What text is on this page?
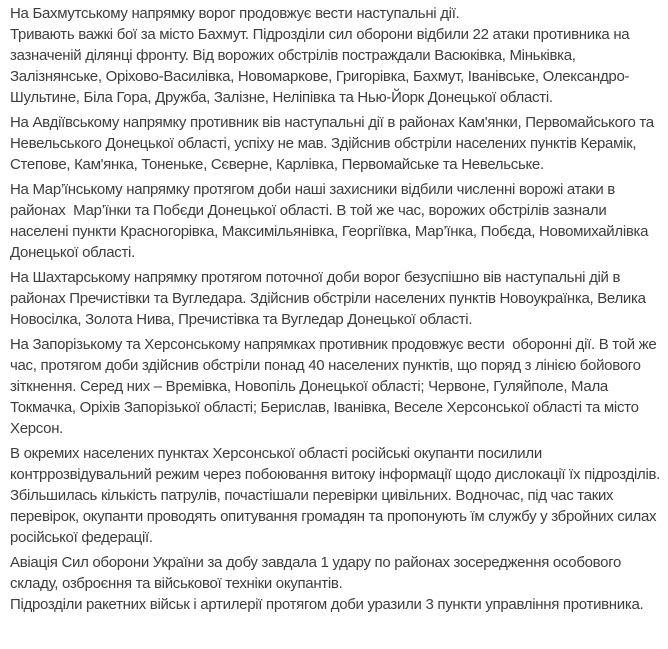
На Бахмутському напрямку ворог продовжує вести наступальні дії.

Тривають важкі бої за місто Бахмут. Підрозділи сил оборони відбили 22 атаки противника на зазначеній ділянці фронту. Від ворожих обстрілів постраждали Васюківка, Міньківка, Залізнянське, Оріхово-Василівка, Новомаркове, Григорівка, Бахмут, Іванівське, Олександро-Шультине, Біла Гора, Дружба, Залізне, Неліпівка та Нью-Йорк Донецької області.

На Авдіївському напрямку противник вів наступальні дії в районах Кам'янки, Первомайського та Невельського Донецької області, успіху не мав. Здійснив обстріли населених пунктів Керамік, Степове, Кам'янка, Тоненьке, Сєверне, Карлівка, Первомайське та Невельське.

На Мар’їнському напрямку протягом доби наші захисники відбили численні ворожі атаки в районах  Мар’їнки та Побєди Донецької області. В той же час, ворожих обстрілів зазнали населені пункти Красногорівка, Максимільянівка, Георгіївка, Мар’їнка, Побєда, Новомихайлівка Донецької області.

На Шахтарському напрямку протягом поточної доби ворог безуспішно вів наступальні дій в районах Пречистівки та Вугледара. Здійснив обстріли населених пунктів Новоукраїнка, Велика Новосілка, Золота Нива, Пречистівка та Вугледар Донецької області.

На Запорізькому та Херсонському напрямках противник продовжує вести  оборонні дії. В той же час, протягом доби здійснив обстріли понад 40 населених пунктів, що поряд з лінією бойового зіткнення. Серед них – Времівка, Новопіль Донецької області; Червоне, Гуляйполе, Мала Токмачка, Оріхів Запорізької області; Берислав, Іванівка, Веселе Херсонської області та місто Херсон.

В окремих населених пунктах Херсонської області російські окупанти посилили контррозвідувальний режим через побоювання витоку інформації щодо дислокації їх підрозділів. Збільшилась кількість патрулів, почастішали перевірки цивільних. Водночас, під час таких перевірок, окупанти проводять опитування громадян та пропонують їм службу у збройних силах російської федерації.

Авіація Сил оборони України за добу завдала 1 удару по районах зосередження особового складу, озброєння та військової техніки окупантів.

Підрозділи ракетних військ і артилерії протягом доби уразили 3 пункти управління противника.
